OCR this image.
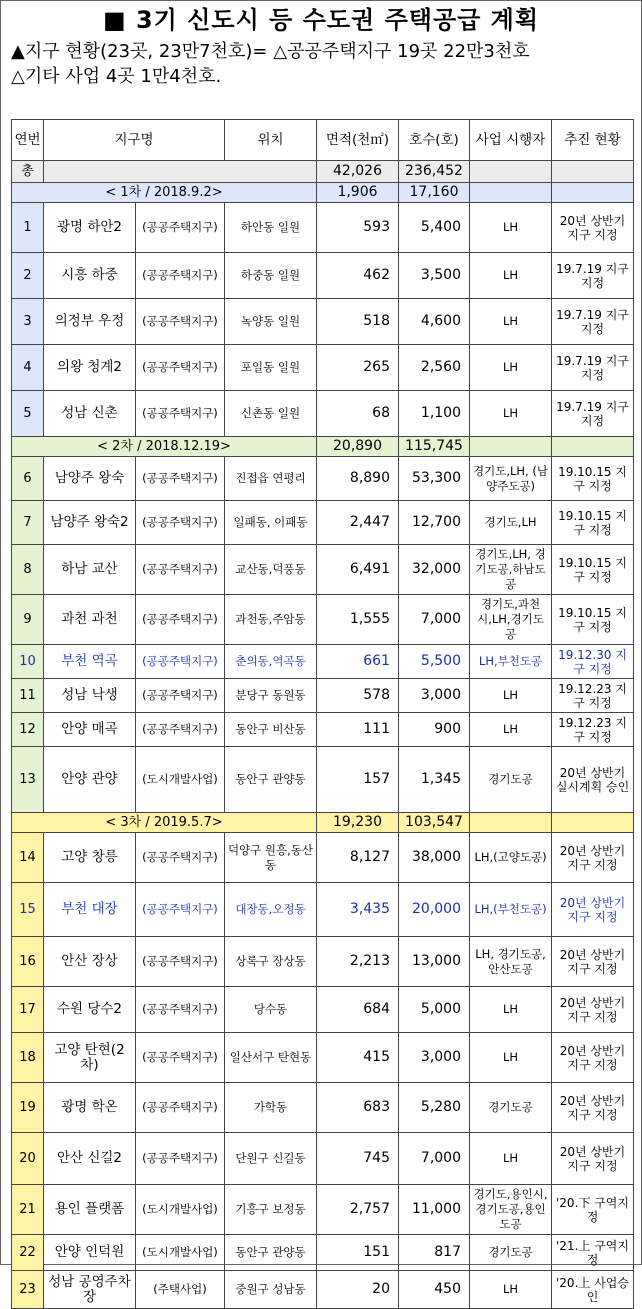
■ 3기 신도시 등 수도권 주택공급 계획
▲지구 현황(23곳, 23만7천호)= △공공주택지구 19곳 22만3천호
△기타 사업 4곳 1만4천호.
연번	지구명		위치	면적(천㎡)	호수(호)	사업 시행자	추진 현황
총				42,026	236,452		
< 1차 / 2018.9.2>				1,906	17,160		
1	광명 하안2	(공공주택지구)	하안동 일원	593	5,400	LH	20년 상반기 지구 지정
2	시흥 하중	(공공주택지구)	하중동 일원	462	3,500	LH	19.7.19 지구 지정
3	의정부 우정	(공공주택지구)	녹양동 일원	518	4,600	LH	19.7.19 지구 지정
4	의왕 청계2	(공공주택지구)	포일동 일원	265	2,560	LH	19.7.19 지구 지정
5	성남 신촌	(공공주택지구)	신촌동 일원	68	1,100	LH	19.7.19 지구 지정
< 2차 / 2018.12.19>				20,890	115,745		
6	남양주 왕숙	(공공주택지구)	진접읍 연평리	8,890	53,300	경기도,LH, (남양주도공)	19.10.15 지구 지정
7	남양주 왕숙2	(공공주택지구)	일패동, 이패동	2,447	12,700	경기도,LH	19.10.15 지구 지정
8	하남 교산	(공공주택지구)	교산동,덕풍동	6,491	32,000	경기도,LH, 경기도공,하남도공	19.10.15 지구 지정
9	과천 과천	(공공주택지구)	과천동,주암동	1,555	7,000	경기도,과천시,LH,경기도공	19.10.15 지구 지정
10	부천 역곡	(공공주택지구)	춘의동,역곡동	661	5,500	LH,부천도공	19.12.30 지구 지정
11	성남 낙생	(공공주택지구)	분당구 동원동	578	3,000	LH	19.12.23 지구 지정
12	안양 매곡	(공공주택지구)	동안구 비산동	111	900	LH	19.12.23 지구 지정
13	안양 관양	(도시개발사업)	동안구 관양동	157	1,345	경기도공	20년 상반기 실시계획 승인
< 3차 / 2019.5.7>				19,230	103,547		
14	고양 창릉	(공공주택지구)	덕양구 원흥,동산동	8,127	38,000	LH,(고양도공)	20년 상반기 지구 지정
15	부천 대장	(공공주택지구)	대장동,오정동	3,435	20,000	LH,(부천도공)	20년 상반기 지구 지정
16	안산 장상	(공공주택지구)	상록구 장상동	2,213	13,000	LH, 경기도공, 안산도공	20년 상반기 지구 지정
17	수원 당수2	(공공주택지구)	당수동	684	5,000	LH	20년 상반기 지구 지정
18	고양 탄현(2차)	(공공주택지구)	일산서구 탄현동	415	3,000	LH	20년 상반기 지구 지정
19	광명 학온	(공공주택지구)	가학동	683	5,280	경기도공	20년 상반기 지구 지정
20	안산 신길2	(공공주택지구)	단원구 신길동	745	7,000	LH	20년 상반기 지구 지정
21	용인 플랫폼	(도시개발사업)	기흥구 보정동	2,757	11,000	경기도,용인시,경기도공,용인도공	'20.下 구역지정
22	안양 인덕원	(도시개발사업)	동안구 관양동	151	817	경기도공	'21.上 구역지정
23	성남 공영주차장	(주택사업)	중원구 성남동	20	450	LH	'20.上 사업승인
